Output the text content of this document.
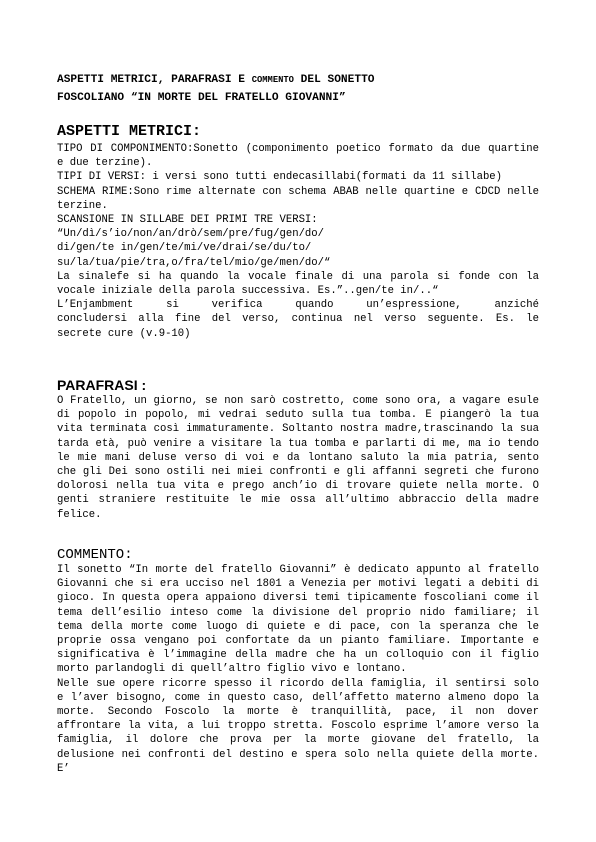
ASPETTI METRICI, PARAFRASI E COMMENTO DEL SONETTO
FOSCOLIANO “IN MORTE DEL FRATELLO GIOVANNI”
ASPETTI METRICI:

TIPO DI COMPONIMENTO:Sonetto (componimento poetico formato da due quartine e due terzine).

TIPI DI VERSI: i versi sono tutti endecasillabi(formati da 11 sillabe)

SCHEMA RIME:Sono rime alternate con schema ABAB nelle quartine e CDCD nelle terzine.

SCANSIONE IN SILLABE DEI PRIMI TRE VERSI:

“Un/dì/s’io/non/an/drò/sem/pre/fug/gen/do/

di/gen/te in/gen/te/mi/ve/drai/se/du/to/

su/la/tua/pie/tra,o/fra/tel/mio/ge/men/do/“

La sinalefe si ha quando la vocale finale di una parola si fonde con la vocale iniziale della parola successiva. Es.”..gen/te in/..“

L’Enjambment si verifica quando un’espressione, anziché

concludersi alla fine del verso, continua nel verso seguente. Es. le secrete cure (v.9-10)

PARAFRASI :

O Fratello, un giorno, se non sarò costretto, come sono ora, a vagare esule di popolo in popolo, mi vedrai seduto sulla tua tomba. E piangerò la tua vita terminata così immaturamente. Soltanto nostra madre,trascinando la sua tarda età, può venire a visitare la tua tomba e parlarti di me, ma io tendo le mie mani deluse verso di voi e da lontano saluto la mia patria, sento che gli Dei sono ostili nei miei confronti e gli affanni segreti che furono dolorosi nella tua vita e prego anch’io di trovare quiete nella morte. O genti straniere restituite le mie ossa all’ultimo abbraccio della madre felice.

COMMENTO:

Il sonetto “In morte del fratello Giovanni” è dedicato appunto al fratello Giovanni che si era ucciso nel 1801 a Venezia per motivi legati a debiti di gioco. In questa opera appaiono diversi temi tipicamente foscoliani come il tema dell’esilio inteso come la divisione del proprio nido familiare; il tema della morte come luogo di quiete e di pace, con la speranza che le proprie ossa vengano poi confortate da un pianto familiare. Importante e significativa è l’immagine della madre che ha un colloquio con il figlio morto parlandogli di quell’altro figlio vivo e lontano.

Nelle sue opere ricorre spesso il ricordo della famiglia, il sentirsi solo e l’aver bisogno, come in questo caso, dell’affetto materno almeno dopo la morte. Secondo Foscolo la morte è tranquillità, pace, il non dover affrontare la vita, a lui troppo stretta. Foscolo esprime l’amore verso la famiglia, il dolore che prova per la morte giovane del fratello, la delusione nei confronti del destino e spera solo nella quiete della morte. E’
